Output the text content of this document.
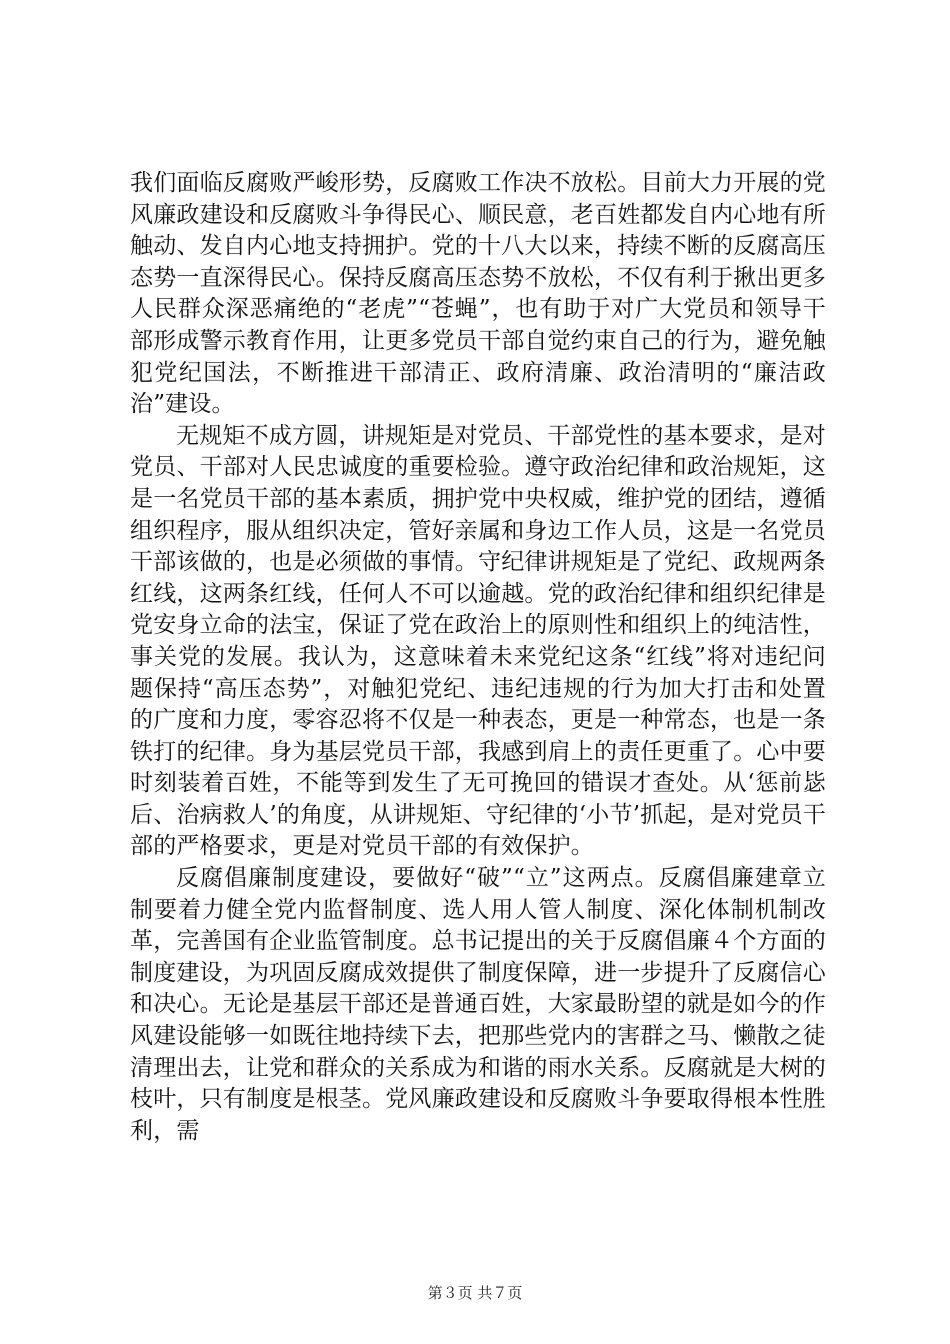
我们面临反腐败严峻形势，反腐败工作决不放松。目前大力开展的党风廉政建设和反腐败斗争得民心、顺民意，老百姓都发自内心地有所触动、发自内心地支持拥护。党的十八大以来，持续不断的反腐高压态势一直深得民心。保持反腐高压态势不放松，不仅有利于揪出更多人民群众深恶痛绝的“老虎”“苍蝇”，也有助于对广大党员和领导干部形成警示教育作用，让更多党员干部自觉约束自己的行为，避免触犯党纪国法，不断推进干部清正、政府清廉、政治清明的“廉洁政治”建设。

无规矩不成方圆，讲规矩是对党员、干部党性的基本要求，是对党员、干部对人民忠诚度的重要检验。遵守政治纪律和政治规矩，这是一名党员干部的基本素质，拥护党中央权威，维护党的团结，遵循组织程序，服从组织决定，管好亲属和身边工作人员，这是一名党员干部该做的，也是必须做的事情。守纪律讲规矩是了党纪、政规两条红线，这两条红线，任何人不可以逾越。党的政治纪律和组织纪律是党安身立命的法宝，保证了党在政治上的原则性和组织上的纯洁性，事关党的发展。我认为，这意味着未来党纪这条“红线”将对违纪问题保持“高压态势”，对触犯党纪、违纪违规的行为加大打击和处置的广度和力度，零容忍将不仅是一种表态，更是一种常态，也是一条铁打的纪律。身为基层党员干部，我感到肩上的责任更重了。心中要时刻装着百姓，不能等到发生了无可挽回的错误才查处。从‘惩前毖后、治病救人’的角度，从讲规矩、守纪律的‘小节’抓起，是对党员干部的严格要求，更是对党员干部的有效保护。

反腐倡廉制度建设，要做好“破”“立”这两点。反腐倡廉建章立制要着力健全党内监督制度、选人用人管人制度、深化体制机制改革，完善国有企业监管制度。总书记提出的关于反腐倡廉４个方面的制度建设，为巩固反腐成效提供了制度保障，进一步提升了反腐信心和决心。无论是基层干部还是普通百姓，大家最盼望的就是如今的作风建设能够一如既往地持续下去，把那些党内的害群之马、懒散之徒清理出去，让党和群众的关系成为和谐的雨水关系。反腐就是大树的枝叶，只有制度是根茎。党风廉政建设和反腐败斗争要取得根本性胜利，需

第３页 共７页
